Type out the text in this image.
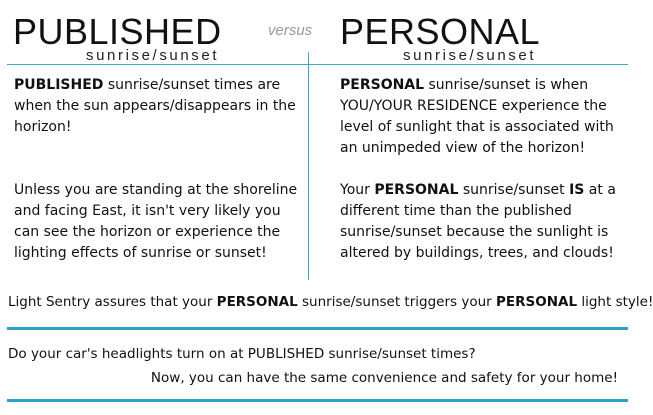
PUBLISHED
sunrise/sunset
versus PERSONAL
sunrise/sunset
PUBLISHED sunrise/sunset times are when the sun appears/disappears in the horizon!
Unless you are standing at the shoreline and facing East, it isn't very likely you can see the horizon or experience the lighting effects of sunrise or sunset!
PERSONAL sunrise/sunset is when YOU/YOUR RESIDENCE experience the level of sunlight that is associated with an unimpeded view of the horizon!
Your PERSONAL sunrise/sunset IS at a different time than the published sunrise/sunset because the sunlight is altered by buildings, trees, and clouds!
Light Sentry assures that your PERSONAL sunrise/sunset triggers your PERSONAL light style!
Do your car's headlights turn on at PUBLISHED sunrise/sunset times?
Now, you can have the same convenience and safety for your home!
